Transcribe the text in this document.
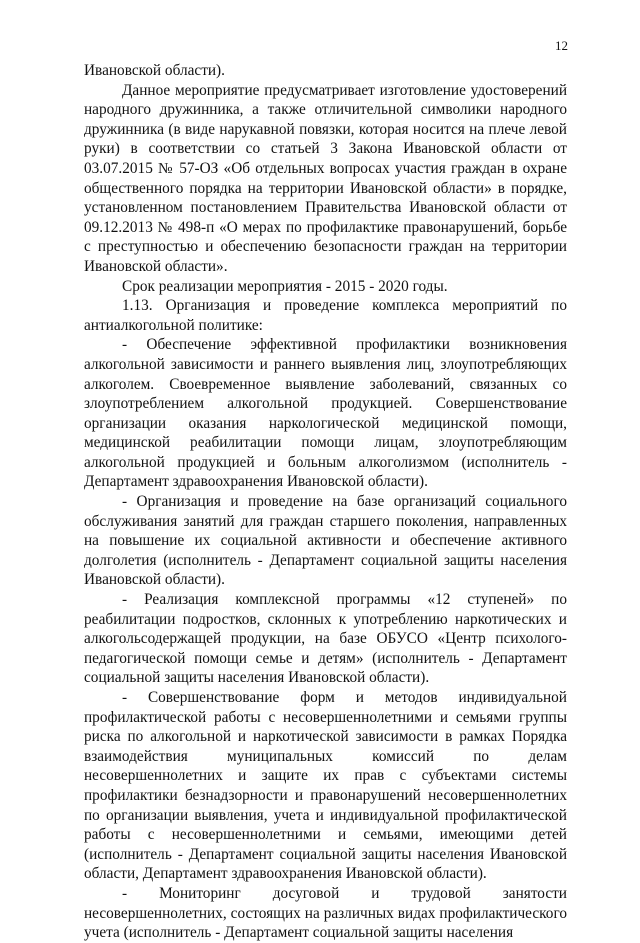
12

Ивановской области).

Данное мероприятие предусматривает изготовление удостоверений народного дружинника, а также отличительной символики народного дружинника (в виде нарукавной повязки, которая носится на плече левой руки) в соответствии со статьей 3 Закона Ивановской области от 03.07.2015 № 57-ОЗ «Об отдельных вопросах участия граждан в охране общественного порядка на территории Ивановской области» в порядке, установленном постановлением Правительства Ивановской области от 09.12.2013 № 498-п «О мерах по профилактике правонарушений, борьбе с преступностью и обеспечению безопасности граждан на территории Ивановской области».

Срок реализации мероприятия - 2015 - 2020 годы.

1.13. Организация и проведение комплекса мероприятий по антиалкогольной политике:

- Обеспечение эффективной профилактики возникновения алкогольной зависимости и раннего выявления лиц, злоупотребляющих алкоголем. Своевременное выявление заболеваний, связанных со злоупотреблением алкогольной продукцией. Совершенствование организации оказания наркологической медицинской помощи, медицинской реабилитации помощи лицам, злоупотребляющим алкогольной продукцией и больным алкоголизмом (исполнитель - Департамент здравоохранения Ивановской области).

- Организация и проведение на базе организаций социального обслуживания занятий для граждан старшего поколения, направленных на повышение их социальной активности и обеспечение активного долголетия (исполнитель - Департамент социальной защиты населения Ивановской области).

- Реализация комплексной программы «12 ступеней» по реабилитации подростков, склонных к употреблению наркотических и алкогольсодержащей продукции, на базе ОБУСО «Центр психолого-педагогической помощи семье и детям» (исполнитель - Департамент социальной защиты населения Ивановской области).

- Совершенствование форм и методов индивидуальной профилактической работы с несовершеннолетними и семьями группы риска по алкогольной и наркотической зависимости в рамках Порядка взаимодействия муниципальных комиссий по делам несовершеннолетних и защите их прав с субъектами системы профилактики безнадзорности и правонарушений несовершеннолетних по организации выявления, учета и индивидуальной профилактической работы с несовершеннолетними и семьями, имеющими детей (исполнитель - Департамент социальной защиты населения Ивановской области, Департамент здравоохранения Ивановской области).

- Мониторинг досуговой и трудовой занятости несовершеннолетних, состоящих на различных видах профилактического учета (исполнитель - Департамент социальной защиты населения
